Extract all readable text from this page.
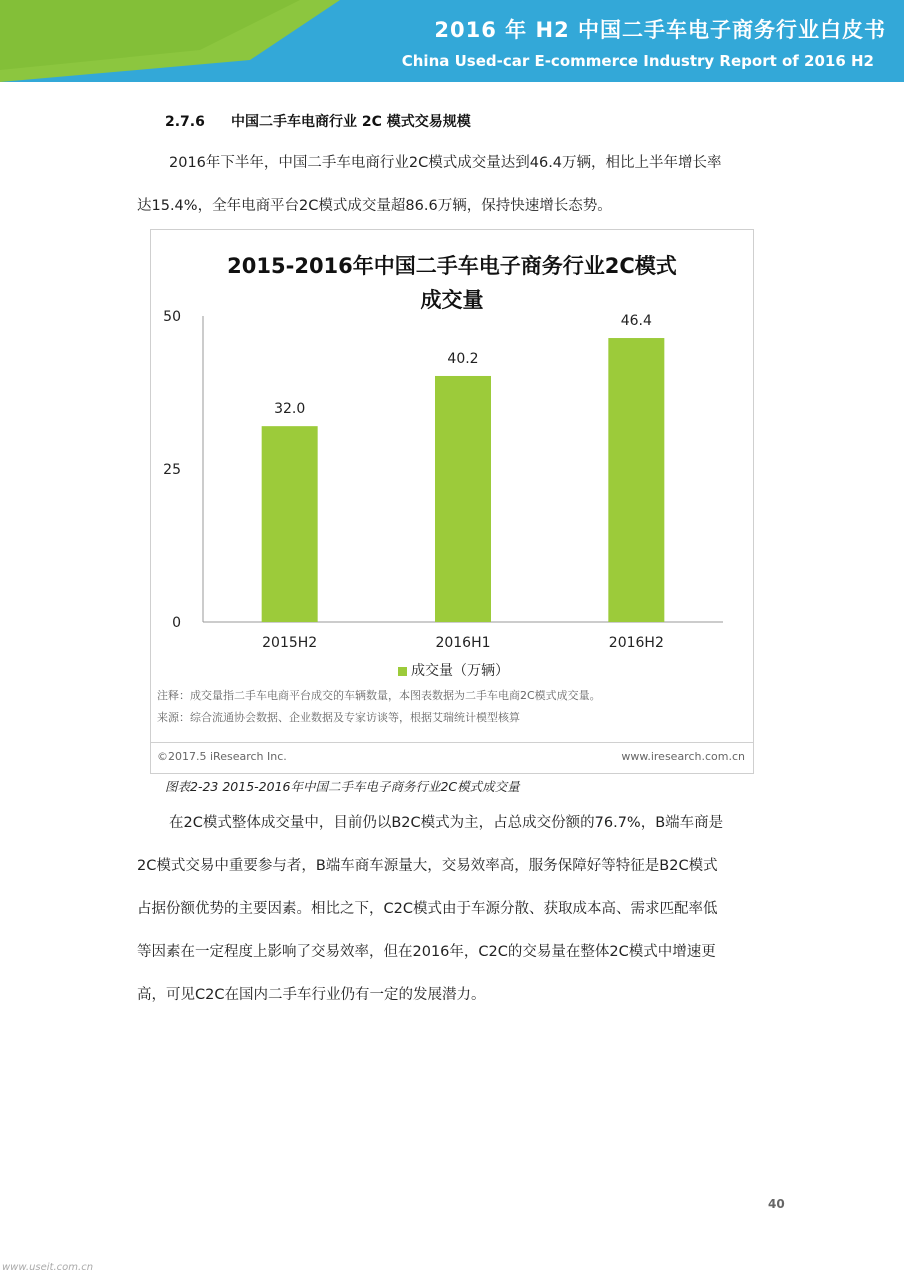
2016 年 H2 中国二手车电子商务行业白皮书
China Used-car E-commerce Industry Report of 2016 H2
2.7.6 中国二手车电商行业 2C 模式交易规模
2016年下半年，中国二手车电商行业2C模式成交量达到46.4万辆，相比上半年增长率
达15.4%，全年电商平台2C模式成交量超86.6万辆，保持快速增长态势。
2015-2016年中国二手车电子商务行业2C模式
成交量
0
25
50
32.0
2015H2
40.2
2016H1
46.4
2016H2
成交量（万辆）
注释：成交量指二手车电商平台成交的车辆数量，本图表数据为二手车电商2C模式成交量。
来源：综合流通协会数据、企业数据及专家访谈等，根据艾瑞统计模型核算
©2017.5 iResearch Inc.	www.iresearch.com.cn
图表2-23 2015-2016年中国二手车电子商务行业2C模式成交量
在2C模式整体成交量中，目前仍以B2C模式为主，占总成交份额的76.7%，B端车商是
2C模式交易中重要参与者，B端车商车源量大，交易效率高，服务保障好等特征是B2C模式
占据份额优势的主要因素。相比之下，C2C模式由于车源分散、获取成本高、需求匹配率低
等因素在一定程度上影响了交易效率，但在2016年，C2C的交易量在整体2C模式中增速更
高，可见C2C在国内二手车行业仍有一定的发展潜力。
40
www.useit.com.cn
